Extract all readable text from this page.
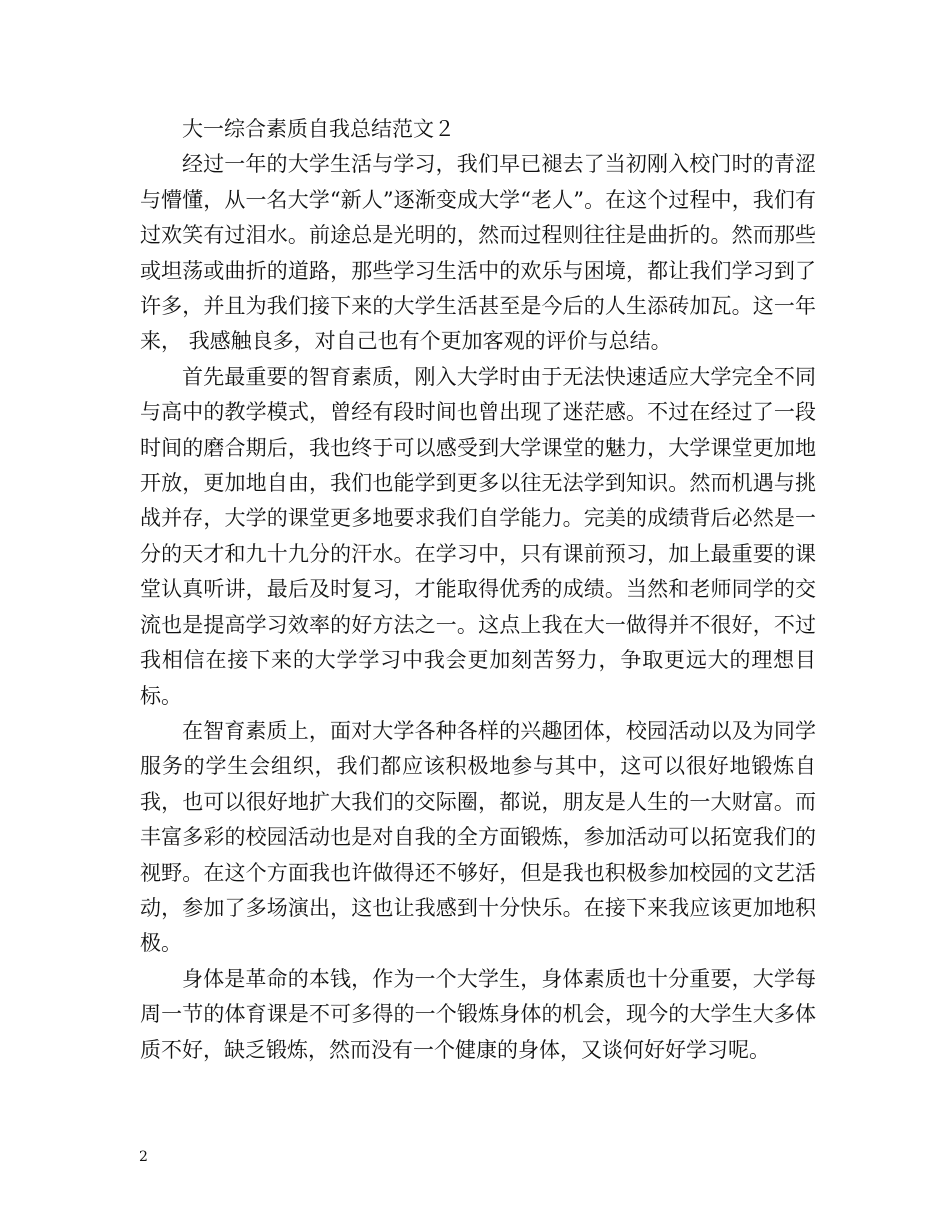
大一综合素质自我总结范文２

经过一年的大学生活与学习，我们早已褪去了当初刚入校门时的青涩与懵懂，从一名大学“新人”逐渐变成大学“老人”。在这个过程中，我们有过欢笑有过泪水。前途总是光明的，然而过程则往往是曲折的。然而那些或坦荡或曲折的道路，那些学习生活中的欢乐与困境，都让我们学习到了许多，并且为我们接下来的大学生活甚至是今后的人生添砖加瓦。这一年来， 我感触良多，对自己也有个更加客观的评价与总结。

首先最重要的智育素质，刚入大学时由于无法快速适应大学完全不同与高中的教学模式，曾经有段时间也曾出现了迷茫感。不过在经过了一段时间的磨合期后，我也终于可以感受到大学课堂的魅力，大学课堂更加地开放，更加地自由，我们也能学到更多以往无法学到知识。然而机遇与挑战并存，大学的课堂更多地要求我们自学能力。完美的成绩背后必然是一分的天才和九十九分的汗水。在学习中，只有课前预习，加上最重要的课堂认真听讲，最后及时复习，才能取得优秀的成绩。当然和老师同学的交流也是提高学习效率的好方法之一。这点上我在大一做得并不很好，不过我相信在接下来的大学学习中我会更加刻苦努力，争取更远大的理想目标。

在智育素质上，面对大学各种各样的兴趣团体，校园活动以及为同学服务的学生会组织，我们都应该积极地参与其中，这可以很好地锻炼自我，也可以很好地扩大我们的交际圈，都说，朋友是人生的一大财富。而丰富多彩的校园活动也是对自我的全方面锻炼，参加活动可以拓宽我们的视野。在这个方面我也许做得还不够好，但是我也积极参加校园的文艺活动，参加了多场演出，这也让我感到十分快乐。在接下来我应该更加地积极。

身体是革命的本钱，作为一个大学生，身体素质也十分重要，大学每周一节的体育课是不可多得的一个锻炼身体的机会，现今的大学生大多体质不好，缺乏锻炼，然而没有一个健康的身体，又谈何好好学习呢。

2
